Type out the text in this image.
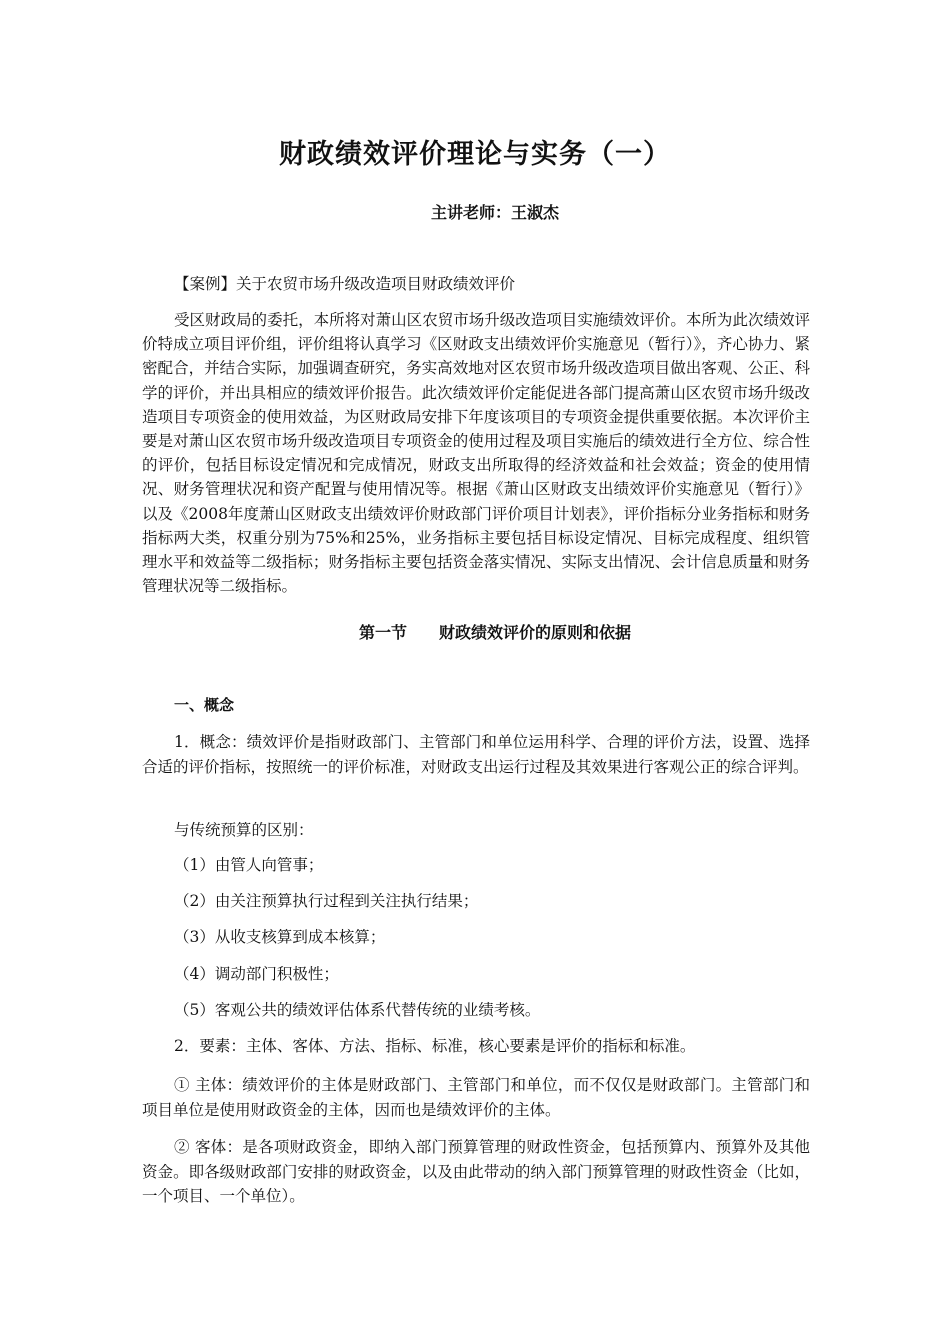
财政绩效评价理论与实务（一）
主讲老师：王淑杰
【案例】关于农贸市场升级改造项目财政绩效评价
受区财政局的委托，本所将对萧山区农贸市场升级改造项目实施绩效评价。本所为此次绩效评价特成立项目评价组，评价组将认真学习《区财政支出绩效评价实施意见（暂行）》，齐心协力、紧密配合，并结合实际，加强调查研究，务实高效地对区农贸市场升级改造项目做出客观、公正、科学的评价，并出具相应的绩效评价报告。此次绩效评价定能促进各部门提高萧山区农贸市场升级改造项目专项资金的使用效益，为区财政局安排下年度该项目的专项资金提供重要依据。本次评价主要是对萧山区农贸市场升级改造项目专项资金的使用过程及项目实施后的绩效进行全方位、综合性的评价，包括目标设定情况和完成情况，财政支出所取得的经济效益和社会效益；资金的使用情况、财务管理状况和资产配置与使用情况等。根据《萧山区财政支出绩效评价实施意见（暂行）》以及《2008年度萧山区财政支出绩效评价财政部门评价项目计划表》，评价指标分业务指标和财务指标两大类，权重分别为75%和25%，业务指标主要包括目标设定情况、目标完成程度、组织管理水平和效益等二级指标；财务指标主要包括资金落实情况、实际支出情况、会计信息质量和财务管理状况等二级指标。
第一节　　财政绩效评价的原则和依据
一、概念
1．概念：绩效评价是指财政部门、主管部门和单位运用科学、合理的评价方法，设置、选择合适的评价指标，按照统一的评价标准，对财政支出运行过程及其效果进行客观公正的综合评判。
与传统预算的区别：
（1）由管人向管事；
（2）由关注预算执行过程到关注执行结果；
（3）从收支核算到成本核算；
（4）调动部门积极性；
（5）客观公共的绩效评估体系代替传统的业绩考核。
2．要素：主体、客体、方法、指标、标准，核心要素是评价的指标和标准。
① 主体：绩效评价的主体是财政部门、主管部门和单位，而不仅仅是财政部门。主管部门和项目单位是使用财政资金的主体，因而也是绩效评价的主体。
② 客体：是各项财政资金，即纳入部门预算管理的财政性资金，包括预算内、预算外及其他资金。即各级财政部门安排的财政资金，以及由此带动的纳入部门预算管理的财政性资金（比如，一个项目、一个单位）。
